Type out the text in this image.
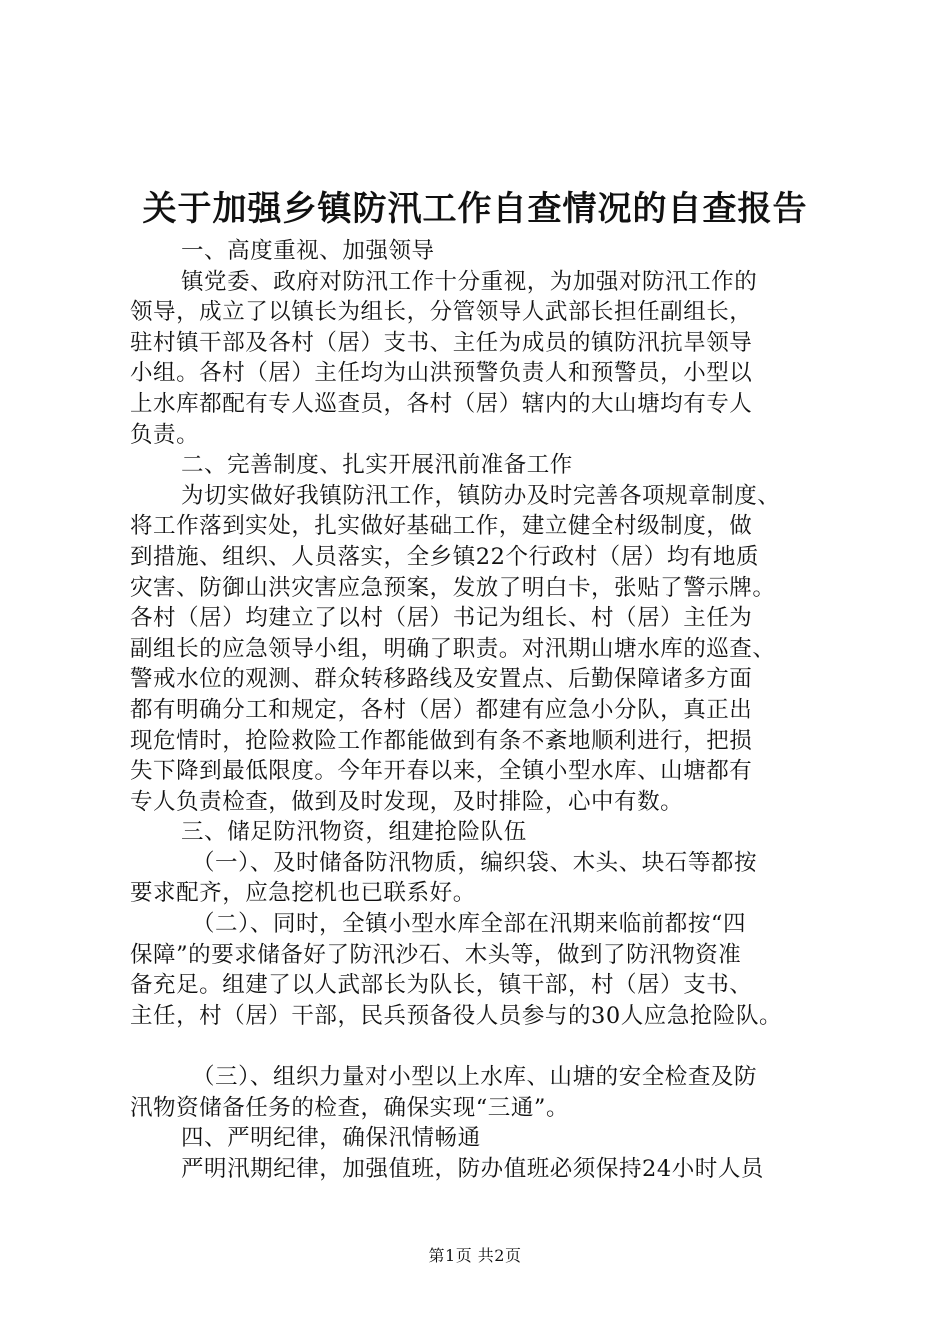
关于加强乡镇防汛工作自查情况的自查报告
一、高度重视、加强领导
镇党委、政府对防汛工作十分重视，为加强对防汛工作的
领导，成立了以镇长为组长，分管领导人武部长担任副组长，
驻村镇干部及各村（居）支书、主任为成员的镇防汛抗旱领导
小组。各村（居）主任均为山洪预警负责人和预警员，小型以
上水库都配有专人巡查员，各村（居）辖内的大山塘均有专人
负责。
二、完善制度、扎实开展汛前准备工作
为切实做好我镇防汛工作，镇防办及时完善各项规章制度、
将工作落到实处，扎实做好基础工作，建立健全村级制度，做
到措施、组织、人员落实，全乡镇22个行政村（居）均有地质
灾害、防御山洪灾害应急预案，发放了明白卡，张贴了警示牌。
各村（居）均建立了以村（居）书记为组长、村（居）主任为
副组长的应急领导小组，明确了职责。对汛期山塘水库的巡查、
警戒水位的观测、群众转移路线及安置点、后勤保障诸多方面
都有明确分工和规定，各村（居）都建有应急小分队，真正出
现危情时，抢险救险工作都能做到有条不紊地顺利进行，把损
失下降到最低限度。今年开春以来，全镇小型水库、山塘都有
专人负责检查，做到及时发现，及时排险，心中有数。
三、储足防汛物资，组建抢险队伍
（一）、及时储备防汛物质，编织袋、木头、块石等都按
要求配齐，应急挖机也已联系好。
（二）、同时，全镇小型水库全部在汛期来临前都按“四
保障”的要求储备好了防汛沙石、木头等，做到了防汛物资准
备充足。组建了以人武部长为队长，镇干部，村（居）支书、
主任，村（居）干部，民兵预备役人员参与的30人应急抢险队。
（三）、组织力量对小型以上水库、山塘的安全检查及防
汛物资储备任务的检查，确保实现“三通”。
四、严明纪律，确保汛情畅通
严明汛期纪律，加强值班，防办值班必须保持24小时人员
第1页 共2页
